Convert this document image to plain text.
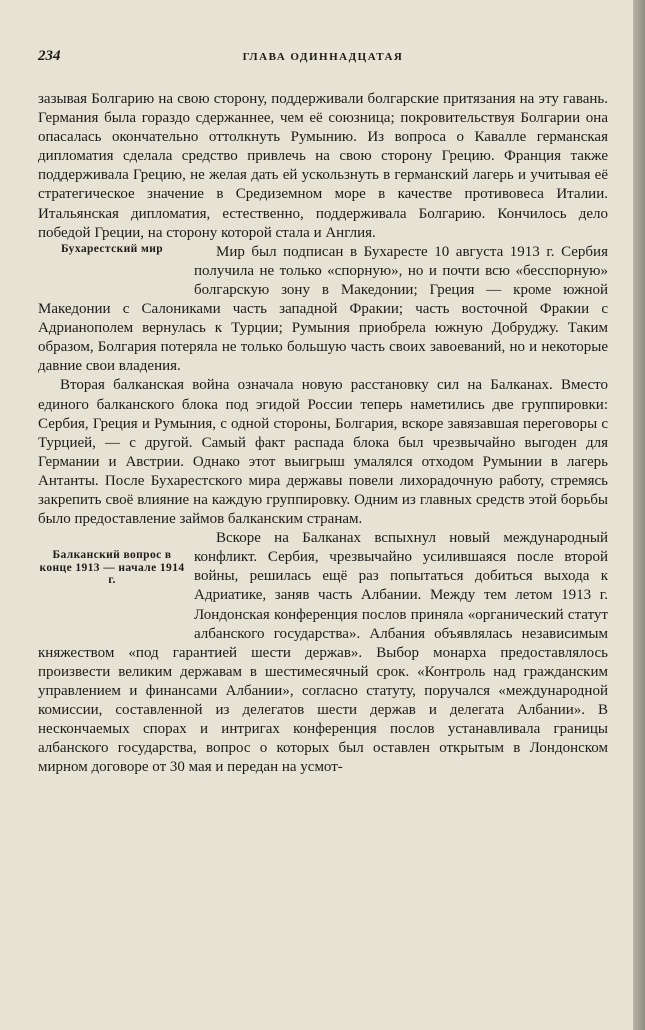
234	ГЛАВА ОДИННАДЦАТАЯ

зазывая Болгарию на свою сторону, поддерживали болгарские притязания на эту гавань. Германия была гораздо сдержаннее, чем её союзница; покровительствуя Болгарии она опасалась окончательно оттолкнуть Румынию. Из вопроса о Кавалле германская дипломатия сделала средство привлечь на свою сторону Грецию. Франция также поддерживала Грецию, не желая дать ей ускользнуть в германский лагерь и учитывая её стратегическое значение в Средиземном море в качестве противовеса Италии. Итальянская дипломатия, естественно, поддерживала Болгарию. Кончилось дело победой Греции, на сторону которой стала и Англия.

Бухарестский мир	Мир был подписан в Бухаресте 10 августа 1913 г. Сербия получила не только «спорную», но и почти всю «бесспорную» болгарскую зону в Македонии; Греция — кроме южной Македонии с Салониками часть западной Фракии; часть восточной Фракии с Адрианополем вернулась к Турции; Румыния приобрела южную Добруджу. Таким образом, Болгария потеряла не только большую часть своих завоеваний, но и некоторые давние свои владения.

Вторая балканская война означала новую расстановку сил на Балканах. Вместо единого балканского блока под эгидой России теперь наметились две группировки: Сербия, Греция и Румыния, с одной стороны, Болгария, вскоре завязавшая переговоры с Турцией, — с другой. Самый факт распада блока был чрезвычайно выгоден для Германии и Австрии. Однако этот выигрыш умалялся отходом Румынии в лагерь Антанты. После Бухарестского мира державы повели лихорадочную работу, стремясь закрепить своё влияние на каждую группировку. Одним из главных средств этой борьбы было предоставление займов балканским странам.

Балканский вопрос в конце 1913 — начале 1914 г.

Вскоре на Балканах вспыхнул новый международный конфликт. Сербия, чрезвычайно усилившаяся после второй войны, решилась ещё раз попытаться добиться выхода к Адриатике, заняв часть Албании. Между тем летом 1913 г. Лондонская конференция послов приняла «органический статут албанского государства». Албания объявлялась независимым княжеством «под гарантией шести держав». Выбор монарха предоставлялось произвести великим державам в шестимесячный срок. «Контроль над гражданским управлением и финансами Албании», согласно статуту, поручался «международной комиссии, составленной из делегатов шести держав и делегата Албании». В нескончаемых спорах и интригах конференция послов устанавливала границы албанского государства, вопрос о которых был оставлен открытым в Лондонском мирном договоре от 30 мая и передан на усмот-
